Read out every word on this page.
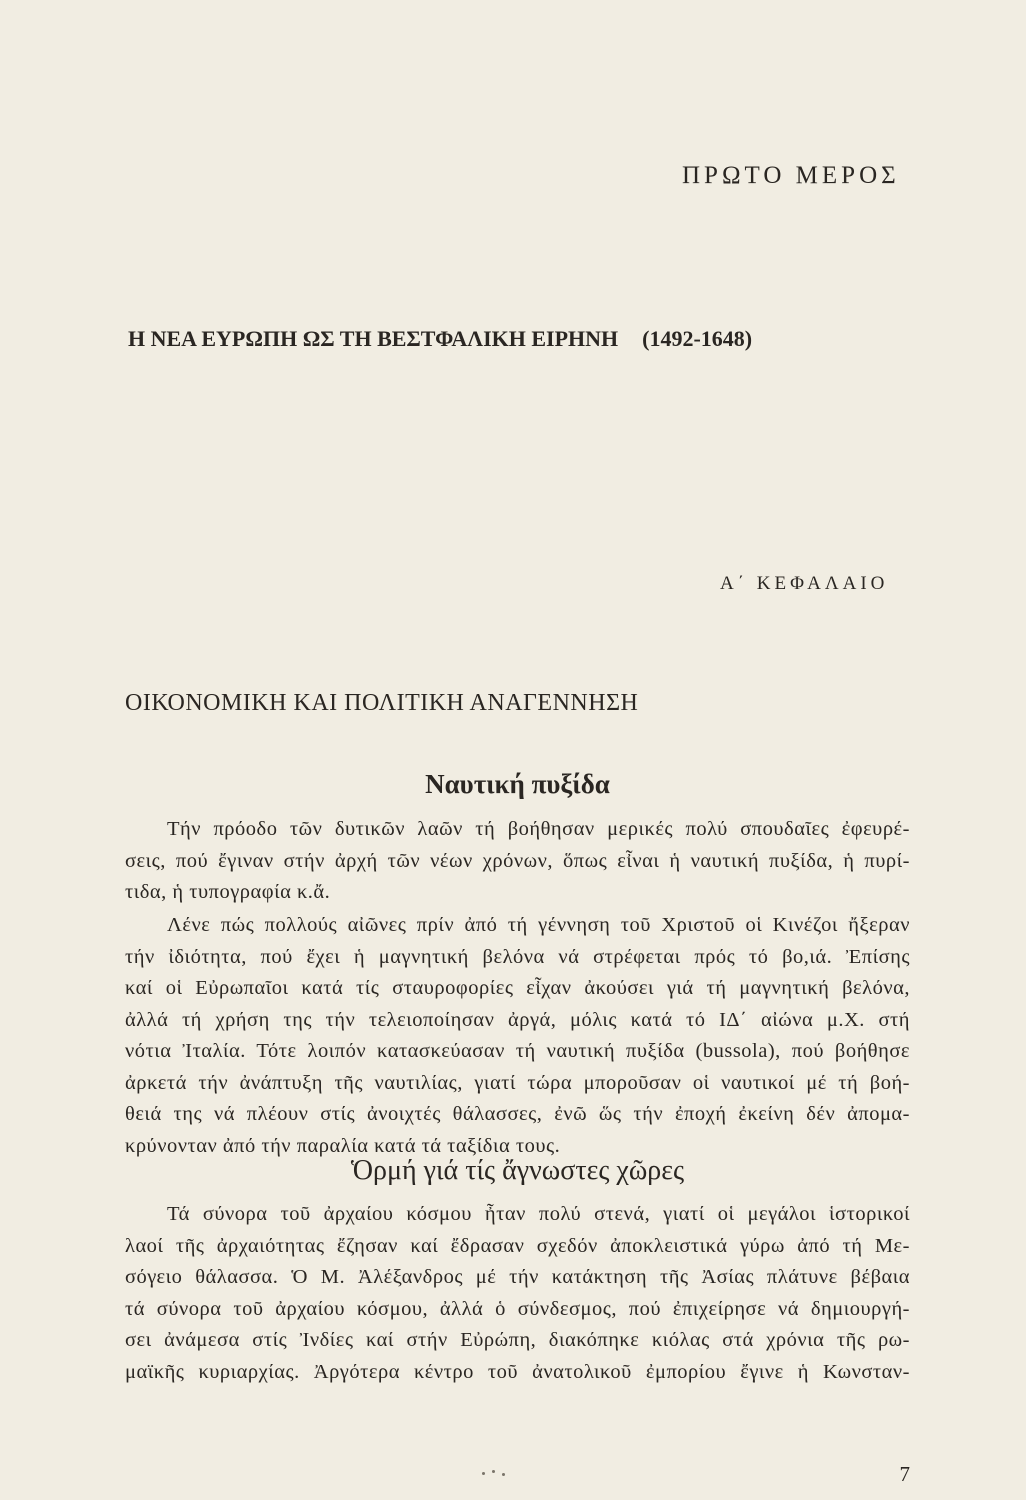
ΠΡΩΤΟ ΜΕΡΟΣ
Η ΝΕΑ ΕΥΡΩΠΗ ΩΣ ΤΗ ΒΕΣΤΦΑΛΙΚΗ ΕΙΡΗΝΗ (1492-1648)
Α΄ ΚΕΦΑΛΑΙΟ
ΟΙΚΟΝΟΜΙΚΗ ΚΑΙ ΠΟΛΙΤΙΚΗ ΑΝΑΓΕΝΝΗΣΗ
Ναυτική πυξίδα
Τήν πρόοδο τῶν δυτικῶν λαῶν τή βοήθησαν μερικές πολύ σπουδαῖες ἐφευρέ-
σεις, πού ἔγιναν στήν ἀρχή τῶν νέων χρόνων, ὅπως εἶναι ἡ ναυτική πυξίδα, ἡ πυρί-
τιδα, ἡ τυπογραφία κ.ἄ.
Λένε πώς πολλούς αἰῶνες πρίν ἀπό τή γέννηση τοῦ Χριστοῦ οἱ Κινέζοι ἤξεραν
τήν ἰδιότητα, πού ἔχει ἡ μαγνητική βελόνα νά στρέφεται πρός τό βο,ιά. Ἐπίσης
καί οἱ Εὐρωπαῖοι κατά τίς σταυροφορίες εἶχαν ἀκούσει γιά τή μαγνητική βελόνα,
ἀλλά τή χρήση της τήν τελειοποίησαν ἀργά, μόλις κατά τό ΙΔ΄ αἰώνα μ.Χ. στή
νότια Ἰταλία. Τότε λοιπόν κατασκεύασαν τή ναυτική πυξίδα (bussola), πού βοήθησε
ἀρκετά τήν ἀνάπτυξη τῆς ναυτιλίας, γιατί τώρα μποροῦσαν οἱ ναυτικοί μέ τή βοή-
θειά της νά πλέουν στίς ἀνοιχτές θάλασσες, ἐνῶ ὥς τήν ἐποχή ἐκείνη δέν ἀπομα-
κρύνονταν ἀπό τήν παραλία κατά τά ταξίδια τους.
Ὁρμή γιά τίς ἄγνωστες χῶρες
Τά σύνορα τοῦ ἀρχαίου κόσμου ἦταν πολύ στενά, γιατί οἱ μεγάλοι ἱστορικοί
λαοί τῆς ἀρχαιότητας ἔζησαν καί ἔδρασαν σχεδόν ἀποκλειστικά γύρω ἀπό τή Με-
σόγειο θάλασσα. Ὁ Μ. Ἀλέξανδρος μέ τήν κατάκτηση τῆς Ἀσίας πλάτυνε βέβαια
τά σύνορα τοῦ ἀρχαίου κόσμου, ἀλλά ὁ σύνδεσμος, πού ἐπιχείρησε νά δημιουργή-
σει ἀνάμεσα στίς Ἰνδίες καί στήν Εὐρώπη, διακόπηκε κιόλας στά χρόνια τῆς ρω-
μαϊκῆς κυριαρχίας. Ἀργότερα κέντρο τοῦ ἀνατολικοῦ ἐμπορίου ἔγινε ἡ Κωνσταν-
7
